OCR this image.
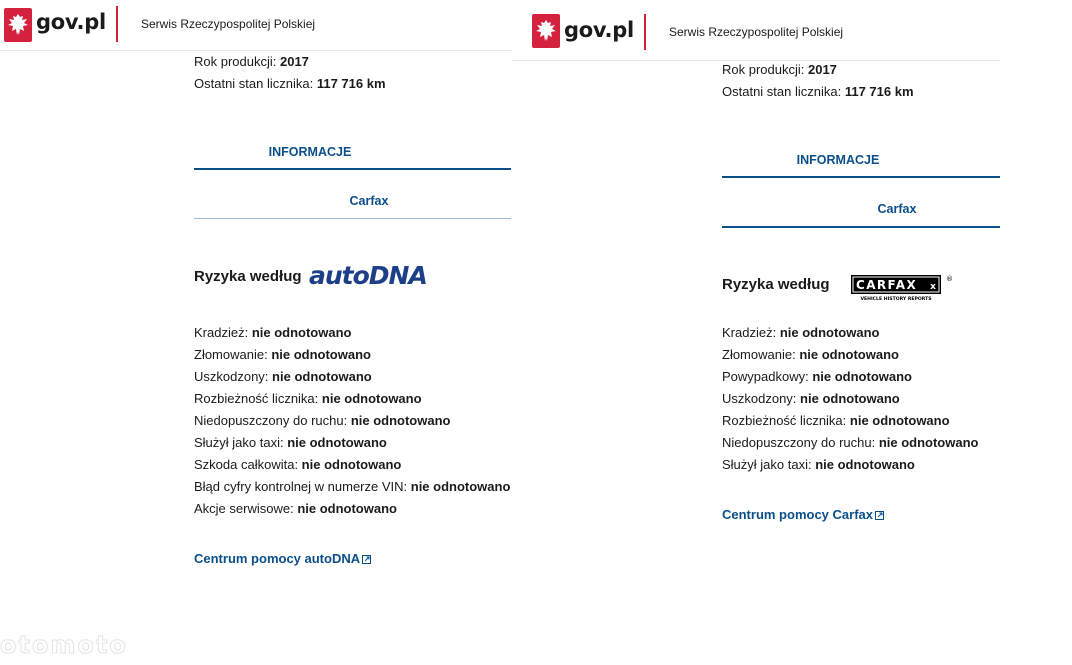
gov.pl	Serwis Rzeczypospolitej Polskiej
Rok produkcji: 2017
Ostatni stan licznika: 117 716 km
INFORMACJE
Carfax
Ryzyka według autoDNA
Kradzież: nie odnotowano
Złomowanie: nie odnotowano
Uszkodzony: nie odnotowano
Rozbieżność licznika: nie odnotowano
Niedopuszczony do ruchu: nie odnotowano
Służył jako taxi: nie odnotowano
Szkoda całkowita: nie odnotowano
Błąd cyfry kontrolnej w numerze VIN: nie odnotowano
Akcje serwisowe: nie odnotowano
Centrum pomocy autoDNA
otomoto
gov.pl	Serwis Rzeczypospolitej Polskiej
Rok produkcji: 2017
Ostatni stan licznika: 117 716 km
INFORMACJE
Carfax
Ryzyka według CARFAX x
®
VEHICLE HISTORY REPORTS
Kradzież: nie odnotowano
Złomowanie: nie odnotowano
Powypadkowy: nie odnotowano
Uszkodzony: nie odnotowano
Rozbieżność licznika: nie odnotowano
Niedopuszczony do ruchu: nie odnotowano
Służył jako taxi: nie odnotowano
Centrum pomocy Carfax
